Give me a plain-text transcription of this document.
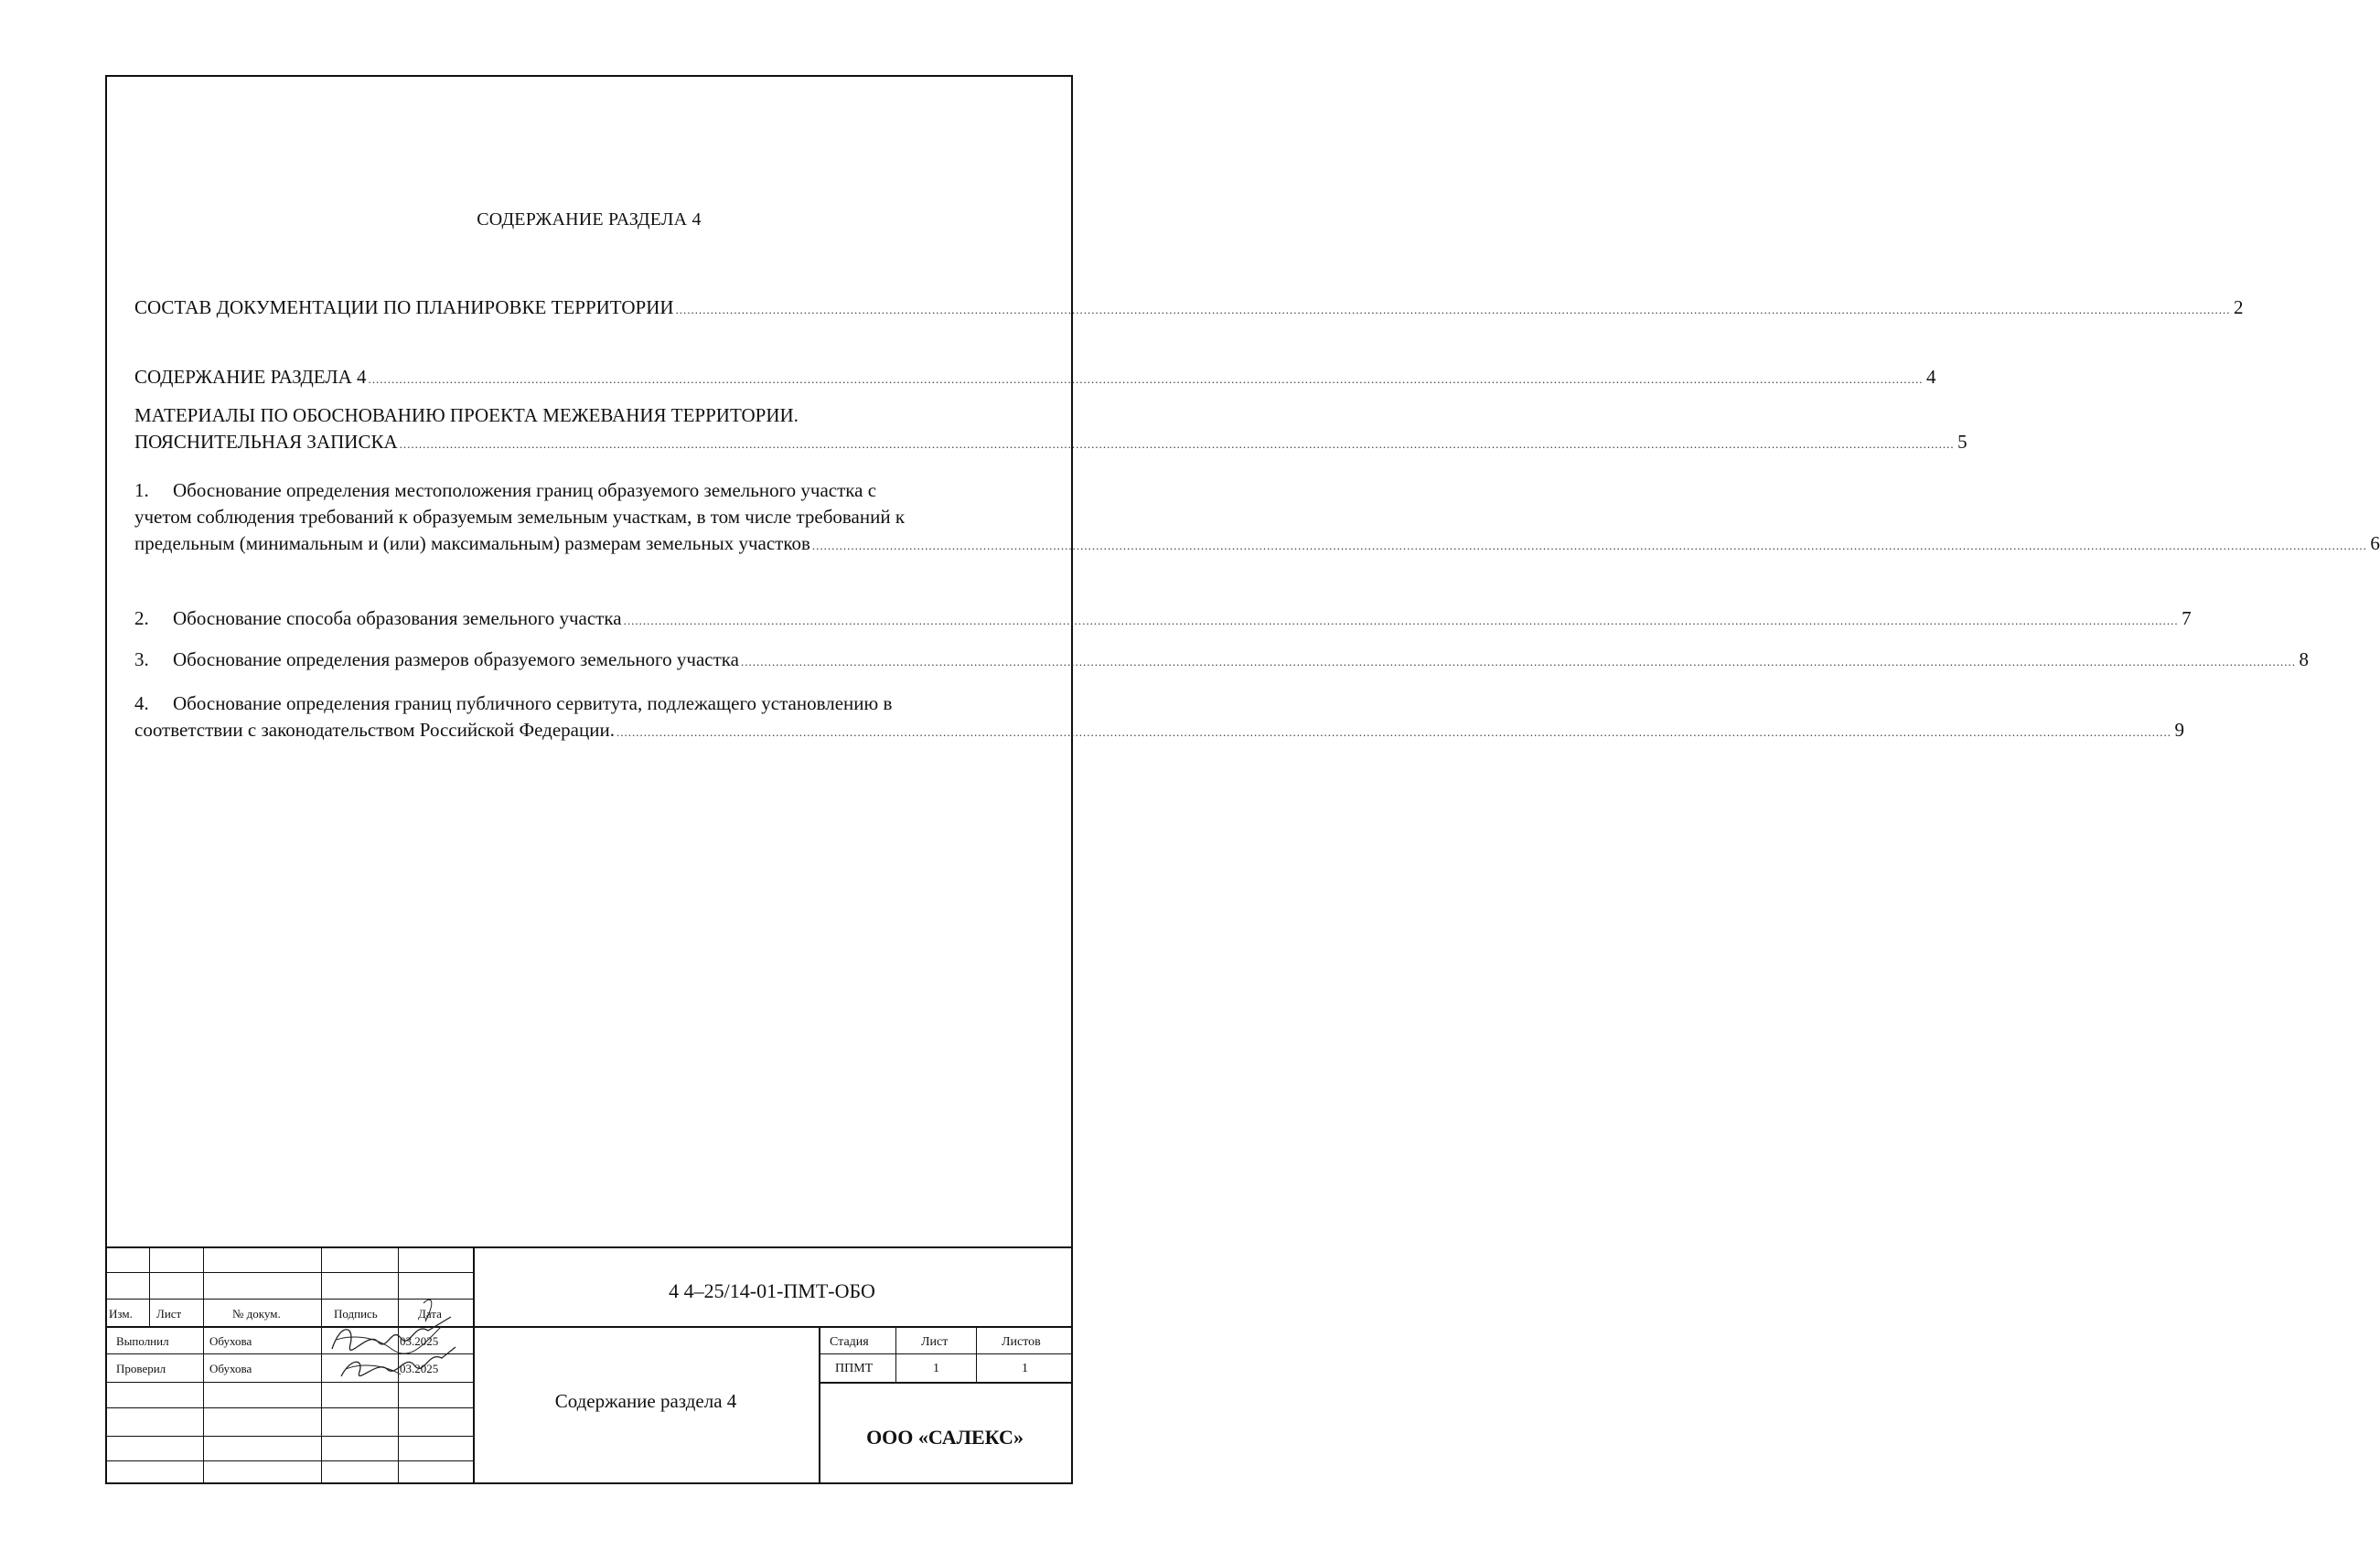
СОДЕРЖАНИЕ РАЗДЕЛА 4
СОСТАВ ДОКУМЕНТАЦИИ ПО ПЛАНИРОВКЕ ТЕРРИТОРИИ ................................................................................................................................................................................................................................................................................................................................................................................................................ 2
СОДЕРЖАНИЕ РАЗДЕЛА 4 ................................................................................................................................................................................................................................................................................................................................................................................................................ 4
МАТЕРИАЛЫ ПО ОБОСНОВАНИЮ ПРОЕКТА МЕЖЕВАНИЯ ТЕРРИТОРИИ.
ПОЯСНИТЕЛЬНАЯ ЗАПИСКА ................................................................................................................................................................................................................................................................................................................................................................................................................ 5
1. Обоснование определения местоположения границ образуемого земельного участка с
учетом соблюдения требований к образуемым земельным участкам, в том числе требований к
предельным (минимальным и (или) максимальным) размерам земельных участков ................................................................................................................................................................................................................................................................................................................................................................................................................ 6
2. Обоснование способа образования земельного участка ................................................................................................................................................................................................................................................................................................................................................................................................................ 7
3. Обоснование определения размеров образуемого земельного участка ................................................................................................................................................................................................................................................................................................................................................................................................................ 8
4. Обоснование определения границ публичного сервитута, подлежащего установлению в
соответствии с законодательством Российской Федерации. ................................................................................................................................................................................................................................................................................................................................................................................................................ 9
Изм. Лист	№ докум.	Подпись	Дата
Выполнил	Обухова	03.2025
Проверил	Обухова	03.2025
4 4–25/14-01-ПМТ-ОБО
Содержание раздела 4
Стадия	Лист	Листов
ППМТ	1	1
ООО «САЛЕКС»
